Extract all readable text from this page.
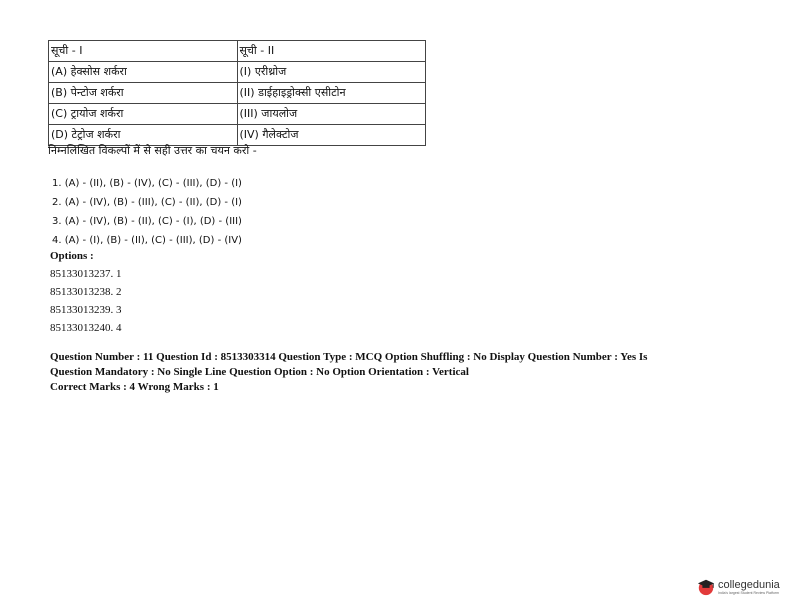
सूची - I	सूची - II
(A) हेक्सोस शर्करा	(I) एरीथ्रोज
(B) पेन्टोज शर्करा	(II) डाईहाइड्रोक्सी एसीटोन
(C) ट्रायोज शर्करा	(III) जायलोज
(D) टेट्रोज शर्करा	(IV) गैलेक्टोज
निम्नलिखित विकल्पों में से सही उत्तर का चयन करो -
1. (A) - (II), (B) - (IV), (C) - (III), (D) - (I)
2. (A) - (IV), (B) - (III), (C) - (II), (D) - (I)
3. (A) - (IV), (B) - (II), (C) - (I), (D) - (III)
4. (A) - (I), (B) - (II), (C) - (III), (D) - (IV)
Options :
85133013237. 1
85133013238. 2
85133013239. 3
85133013240. 4
Question Number : 11 Question Id : 8513303314 Question Type : MCQ Option Shuffling : No Display Question Number : Yes Is
Question Mandatory : No Single Line Question Option : No Option Orientation : Vertical
Correct Marks : 4 Wrong Marks : 1
collegedunia
India's largest Student Review Platform
